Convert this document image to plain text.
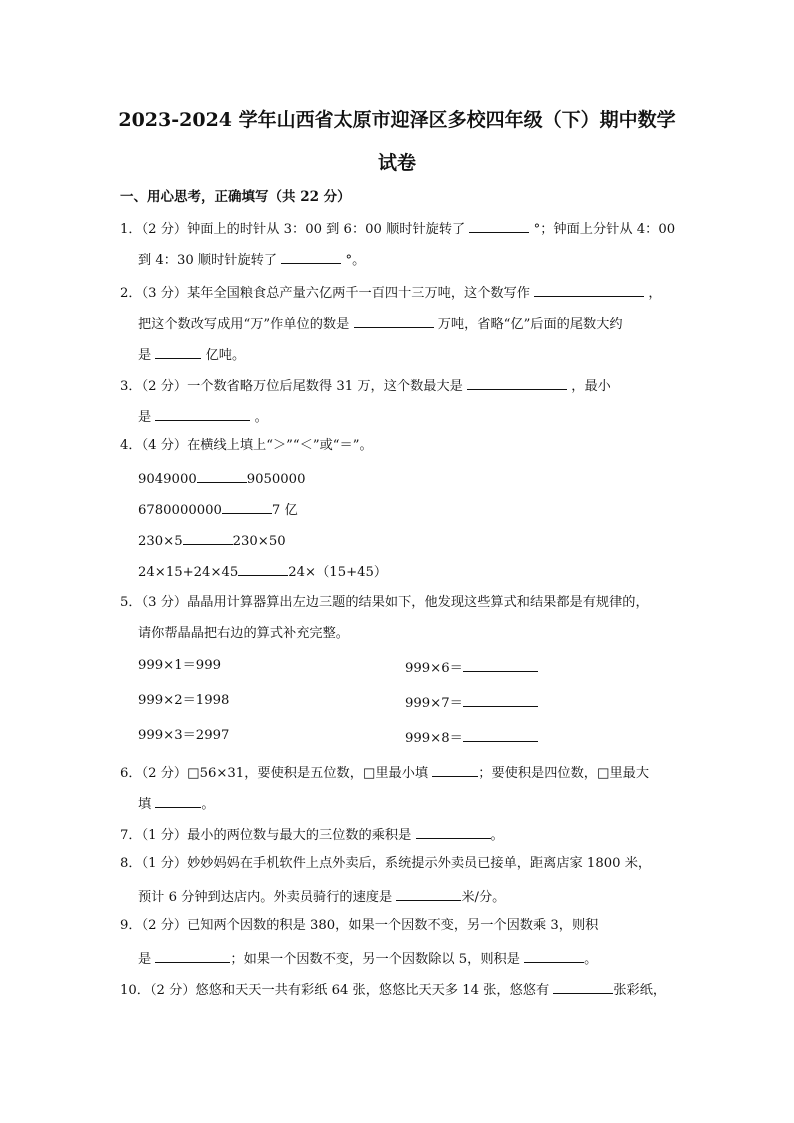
2023-2024 学年山西省太原市迎泽区多校四年级（下）期中数学
试卷
一、用心思考，正确填写（共 22 分）
1．（2 分）钟面上的时针从 3：00 到 6：00 顺时针旋转了	°；钟面上分针从 4：00
到 4：30 顺时针旋转了	°。
2．（3 分）某年全国粮食总产量六亿两千一百四十三万吨，这个数写作	，
把这个数改写成用“万”作单位的数是	万吨，省略“亿”后面的尾数大约
是	亿吨。
3．（2 分）一个数省略万位后尾数得 31 万，这个数最大是	，最小
是	。
4．（4 分）在横线上填上“＞”“＜”或“＝”。
9049000	9050000
6780000000	7 亿
230×5	230×50
24×15+24×45	24×（15+45）
5．（3 分）晶晶用计算器算出左边三题的结果如下，他发现这些算式和结果都是有规律的，
请你帮晶晶把右边的算式补充完整。
999×1＝999	999×6＝
999×2＝1998	999×7＝
999×3＝2997	999×8＝
6．（2 分）□56×31，要使积是五位数，□里最小填	；要使积是四位数，□里最大
填	。
7．（1 分）最小的两位数与最大的三位数的乘积是	。
8．（1 分）妙妙妈妈在手机软件上点外卖后，系统提示外卖员已接单，距离店家 1800 米，
预计 6 分钟到达店内。外卖员骑行的速度是	米/分。
9．（2 分）已知两个因数的积是 380，如果一个因数不变，另一个因数乘 3，则积
是	；如果一个因数不变，另一个因数除以 5，则积是	。
10．（2 分）悠悠和天天一共有彩纸 64 张，悠悠比天天多 14 张，悠悠有	张彩纸，
